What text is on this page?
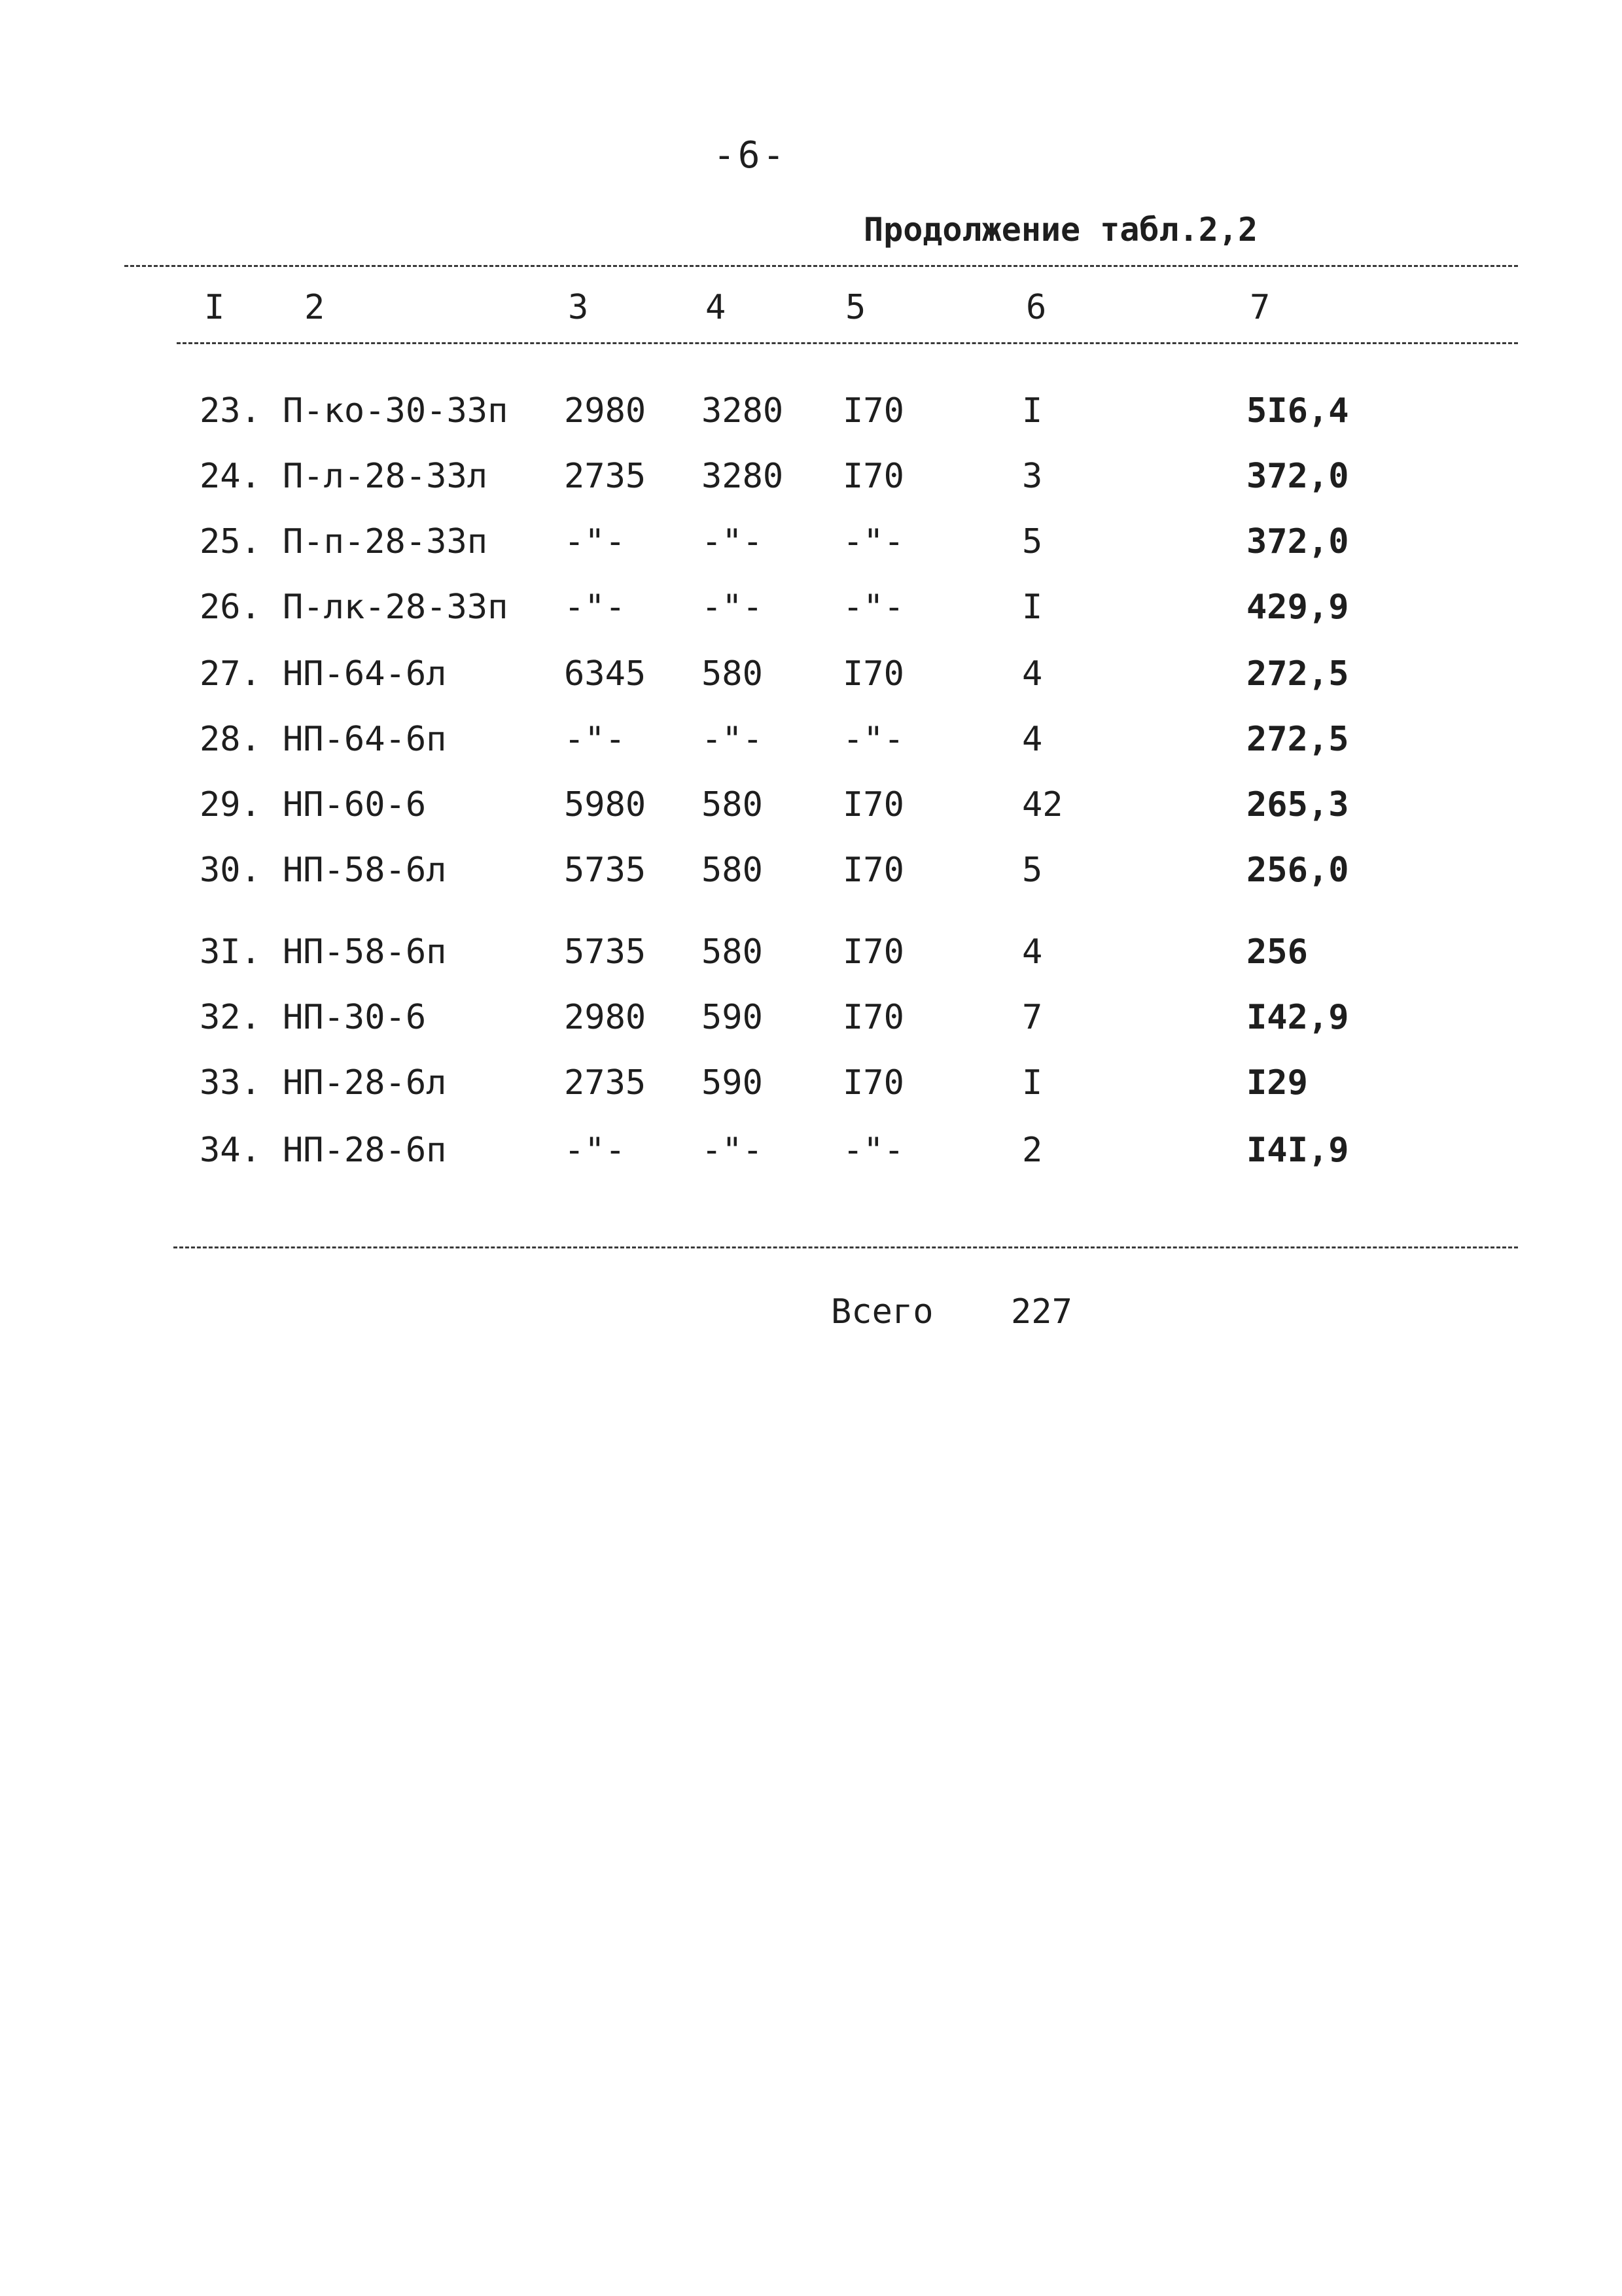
-6-
Продолжение табл.2,2
I 2	3	4	5	6	7
23. П-ко-30-33п 2980 3280 I70	I	5I6,4
24. П-л-28-33л 2735 3280 I70	3	372,0
25. П-п-28-33п -"- -"- -"-	5	372,0
26. П-лк-28-33п -"- -"- -"-	I	429,9
27. НП-64-6л	6345 580 I70	4	272,5
28. НП-64-6п	-"- -"- -"-	4	272,5
29. НП-60-6	5980 580 I70	42	265,3
30. НП-58-6л	5735 580 I70	5	256,0
3I. НП-58-6п	5735 580 I70	4	256
32. НП-30-6	2980 590 I70	7	I42,9
33. НП-28-6л	2735 590 I70	I	I29
34. НП-28-6п	-"- -"- -"-	2	I4I,9
Всего 227
